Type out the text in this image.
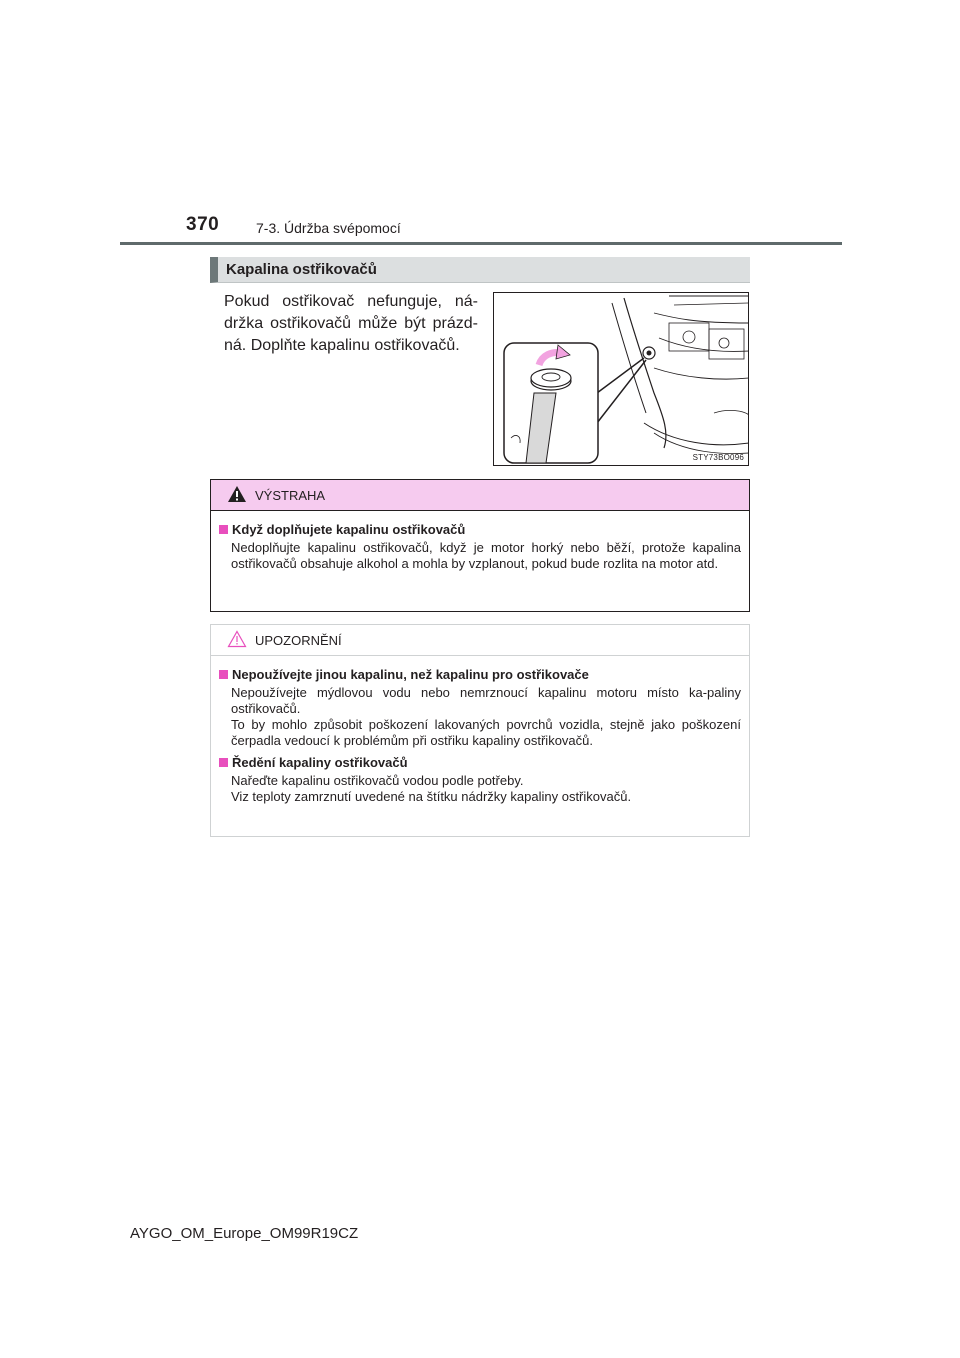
370	7-3. Údržba svépomocí
Kapalina ostřikovačů
Pokud ostřikovač nefunguje, ná-držka ostřikovačů může být prázd-ná. Doplňte kapalinu ostřikovačů.
STY73BO096
VÝSTRAHA
Když doplňujete kapalinu ostřikovačů
Nedoplňujte kapalinu ostřikovačů, když je motor horký nebo běží, protože kapalina ostřikovačů obsahuje alkohol a mohla by vzplanout, pokud bude rozlita na motor atd.
UPOZORNĚNÍ
Nepoužívejte jinou kapalinu, než kapalinu pro ostřikovače

Nepoužívejte mýdlovou vodu nebo nemrznoucí kapalinu motoru místo ka-paliny ostřikovačů.

To by mohlo způsobit poškození lakovaných povrchů vozidla, stejně jako poškození čerpadla vedoucí k problémům při ostřiku kapaliny ostřikovačů.

Ředění kapaliny ostřikovačů

Nařeďte kapalinu ostřikovačů vodou podle potřeby.

Viz teploty zamrznutí uvedené na štítku nádržky kapaliny ostřikovačů.

AYGO_OM_Europe_OM99R19CZ
